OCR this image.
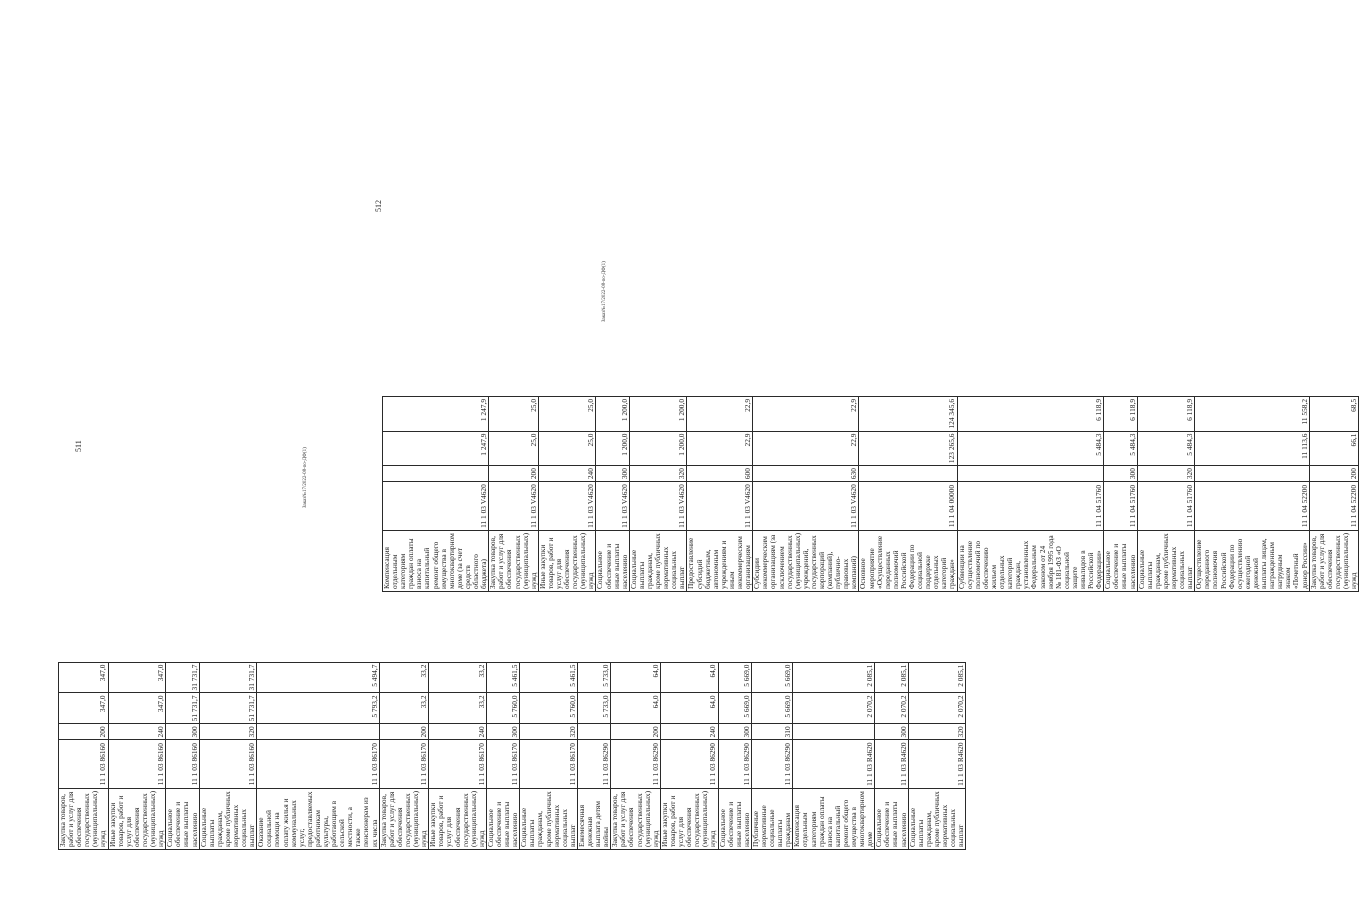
511
Закупка товаров, работ и услуг для обеспечения государственных (муниципальных) нужд	11 1 03 86160	200	347,0	347,0
Иные закупки товаров, работ и услуг для обеспечения государственных (муниципальных) нужд	11 1 03 86160	240	347,0	347,0
Социальное обеспечение и иные выплаты населению	11 1 03 86160	300	51 731,7	31 731,7
Социальные выплаты гражданам, кроме публичных нормативных социальных выплат	11 1 03 86160	320	51 731,7	31 731,7
Оказание социальной помощи на оплату жилья и коммунальных услуг, предоставляемых работникам культуры, работающим в сельской местности, а также пенсионерам из их числа	11 1 03 86170		5 793,2	5 494,7
Закупка товаров, работ и услуг для обеспечения государственных (муниципальных) нужд	11 1 03 86170	200	33,2	33,2
Иные закупки товаров, работ и услуг для обеспечения государственных (муниципальных) нужд	11 1 03 86170	240	33,2	33,2
Социальное обеспечение и иные выплаты населению	11 1 03 86170	300	5 760,0	5 461,5
Социальные выплаты гражданам, кроме публичных нормативных социальных выплат	11 1 03 86170	320	5 760,0	5 461,5
Ежемесячная денежная выплата детям войны	11 1 03 86290		5 733,0	5 733,0
Закупка товаров, работ и услуг для обеспечения государственных (муниципальных) нужд	11 1 03 86290	200	64,0	64,0
Иные закупки товаров, работ и услуг для обеспечения государственных (муниципальных) нужд	11 1 03 86290	240	64,0	64,0
Социальное обеспечение и иные выплаты населению	11 1 03 86290	300	5 669,0	5 669,0
Публичные нормативные социальные выплаты гражданам	11 1 03 86290	310	5 669,0	5 669,0
Компенсация отдельным категориям граждан оплаты взноса на капитальный ремонт общего имущества в многоквартирном доме	11 1 03 R4620		2 070,2	2 085,1
Социальное обеспечение и иные выплаты населению	11 1 03 R4620	300	2 070,2	2 085,1
Социальные выплаты гражданам, кроме публичных нормативных социальных выплат	11 1 03 R4620	320	2 070,2	2 085,1
Заказ№17/2022-08-по-ДФ(1)
512
Компенсация отдельным категориям граждан оплаты взноса на капитальный ремонт общего имущества в многоквартирном доме (за счет средств областного бюджета)	11 1 03 V4620		1 247,9	1 247,9
Закупка товаров, работ и услуг для обеспечения государственных (муниципальных) нужд	11 1 03 V4620	200	25,0	25,0
Иные закупки товаров, работ и услуг для обеспечения государственных (муниципальных) нужд	11 1 03 V4620	240	25,0	25,0
Социальное обеспечение и иные выплаты населению	11 1 03 V4620	300	1 200,0	1 200,0
Социальные выплаты гражданам, кроме публичных нормативных социальных выплат	11 1 03 V4620	320	1 200,0	1 200,0
Предоставление субсидий бюджетным, автономным учреждениям и иным некоммерческим организациям	11 1 03 V4620	600	22,9	22,9
Субсидии некоммерческим организациям (за исключением государственных (муниципальных) учреждений, государственных корпораций (компаний), публично-правовых компаний)	11 1 03 V4620	630	22,9	22,9
Основное мероприятие «Осуществление переданных полномочий Российской Федерации по социальной поддержке отдельных категорий граждан»	11 1 04 00000		123 265,6	124 345,6
Субвенции на осуществление полномочий по обеспечению жильем отдельных категорий граждан, установленных Федеральным законом от 24 ноября 1995 года № 181-ФЗ «О социальной защите инвалидов в Российской Федерации»	11 1 04 51760		5 484,3	6 118,9
Социальное обеспечение и иные выплаты населению	11 1 04 51760	300	5 484,3	6 118,9
Социальные выплаты гражданам, кроме публичных нормативных социальных выплат	11 1 04 51760	320	5 484,3	6 118,9
Осуществление переданного полномочия Российской Федерации по осуществлению ежегодной денежной выплаты лицам, награжденным нагрудным знаком «Почетный донор России»	11 1 04 52200		11 113,6	11 558,2
Закупка товаров, работ и услуг для обеспечения государственных (муниципальных) нужд	11 1 04 52200	200	66,1	68,5
Заказ№17/2022-08-по-ДФ(1)
